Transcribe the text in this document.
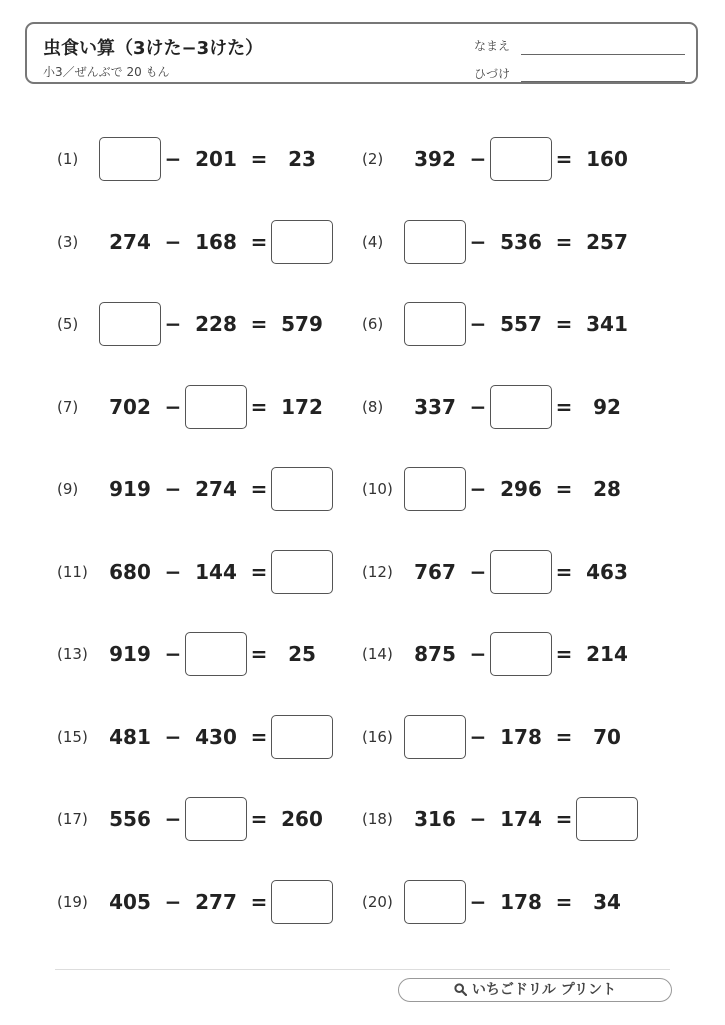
虫食い算（3けた−3けた）
小3／ぜんぶで 20 もん
なまえ
ひづけ
(1)	201	23
−	=	(2)	392	160
−	=
(3)	274	168
−	=	(4)	536	257
−	=
(5)	228	579
−	=	(6)	557	341
−	=
(7)	702	172
−	=	(8)	337	92
−	=
(9)	919	274
−	=	(10)	296	28
−	=
(11)	680	144
−	=	(12)	767	463
−	=
(13)	919	25
−	=	(14)	875	214
−	=
(15)	481	430
−	=	(16)	178	70
−	=
(17)	556	260
−	=	(18)	316	174
−	=
(19)	405	277
−	=	(20)	178	34
−	=
いちごドリル プリント
